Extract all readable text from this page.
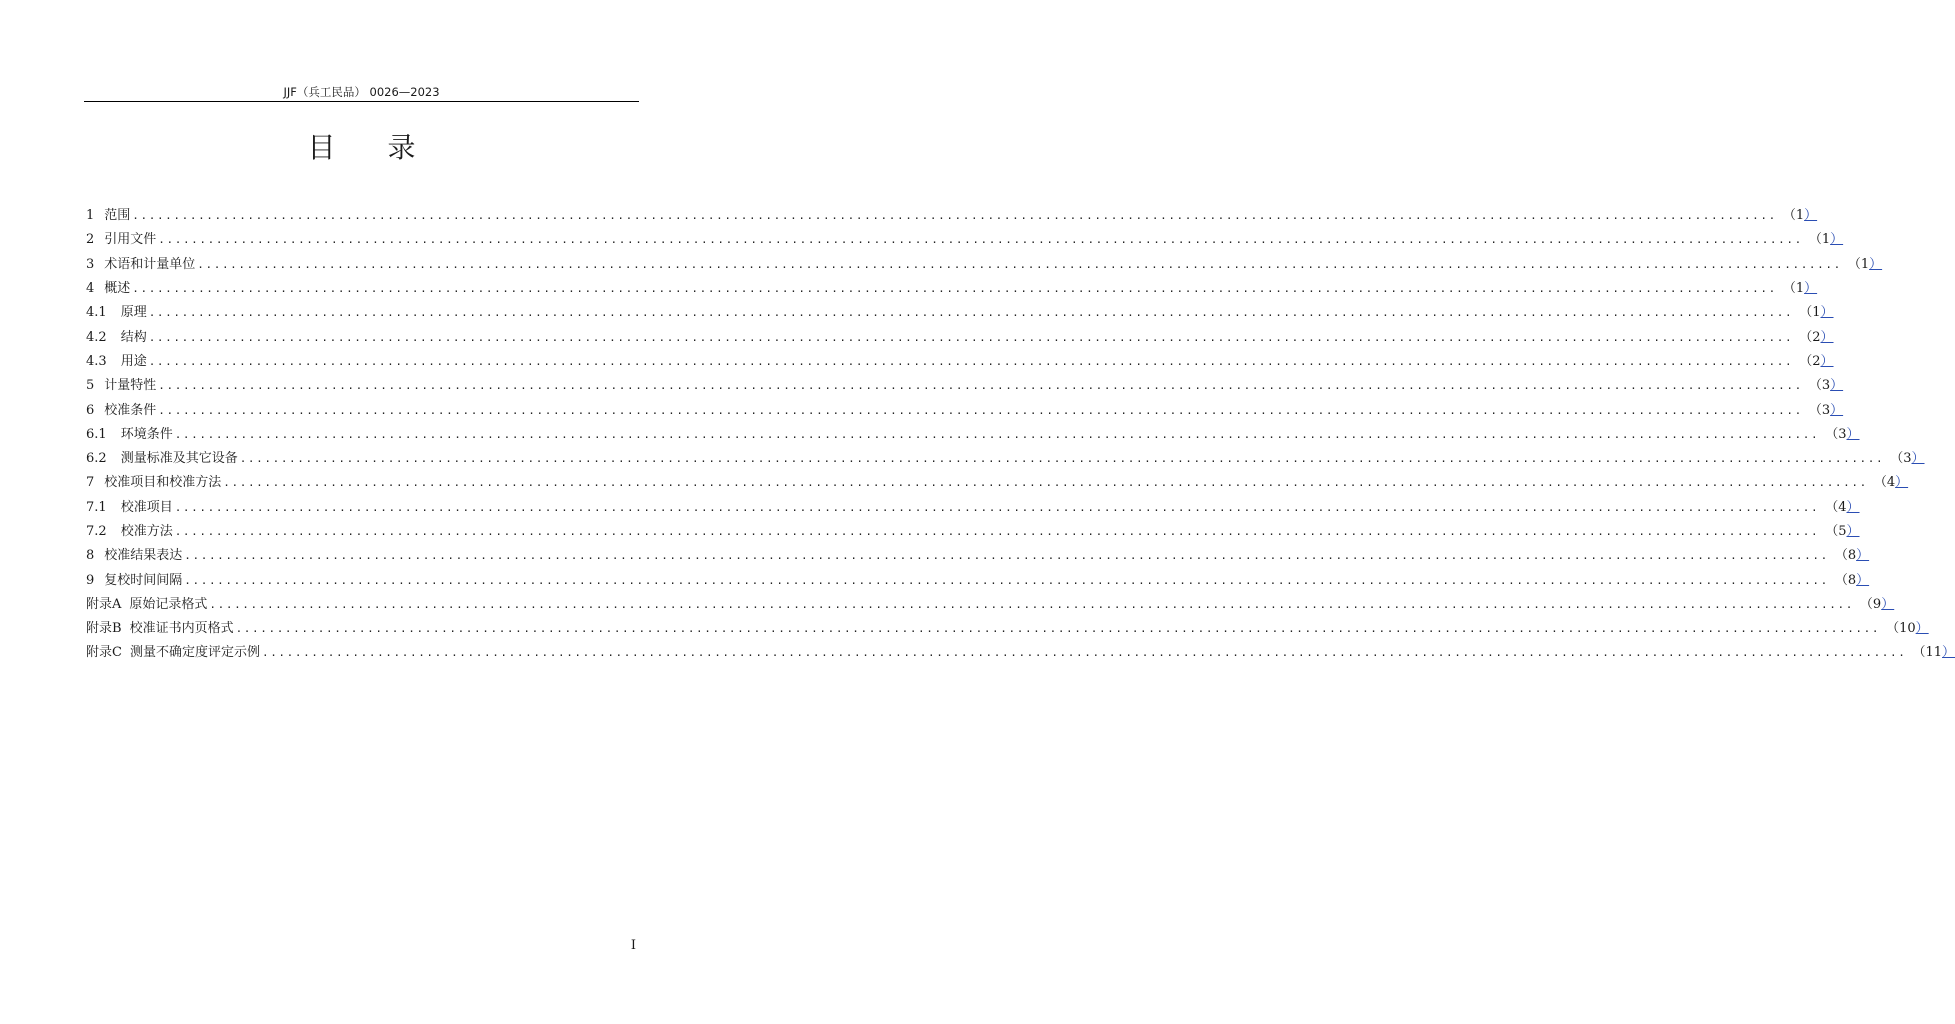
JJF（兵工民品） 0026—2023
目 录
1 范围 ........................................................................................................................................................................................................ （1）
2 引用文件 ........................................................................................................................................................................................................ （1）
3 术语和计量单位 ........................................................................................................................................................................................................ （1）
4 概述 ........................................................................................................................................................................................................ （1）
4.1 原理 ........................................................................................................................................................................................................ （1）
4.2 结构 ........................................................................................................................................................................................................ （2）
4.3 用途 ........................................................................................................................................................................................................ （2）
5 计量特性 ........................................................................................................................................................................................................ （3）
6 校准条件 ........................................................................................................................................................................................................ （3）
6.1 环境条件 ........................................................................................................................................................................................................ （3）
6.2 测量标准及其它设备 ........................................................................................................................................................................................................ （3）
7 校准项目和校准方法 ........................................................................................................................................................................................................ （4）
7.1 校准项目 ........................................................................................................................................................................................................ （4）
7.2 校准方法 ........................................................................................................................................................................................................ （5）
8 校准结果表达 ........................................................................................................................................................................................................ （8）
9 复校时间间隔 ........................................................................................................................................................................................................ （8）
附录A 原始记录格式 ........................................................................................................................................................................................................ （9）
附录B 校准证书内页格式 ........................................................................................................................................................................................................ （10）
附录C 测量不确定度评定示例 ........................................................................................................................................................................................................ （11）
I
